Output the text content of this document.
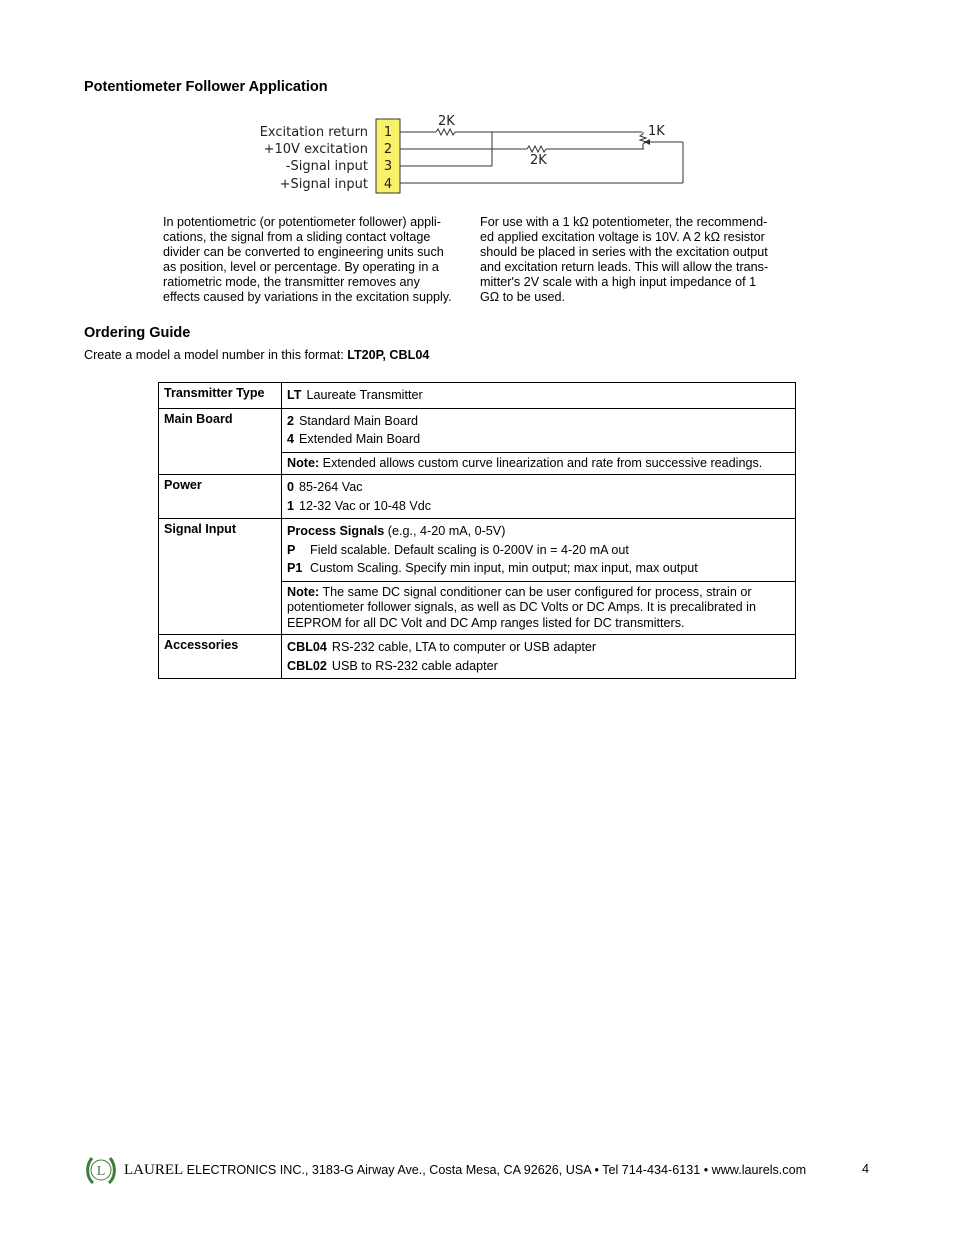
Potentiometer Follower Application
Excitation return
+10V excitation
-Signal input
+Signal input
1
2
3
4
2K
2K
1K
In potentiometric (or potentiometer follower) appli-
cations, the signal from a sliding contact voltage
divider can be converted to engineering units such
as position, level or percentage. By operating in a
ratiometric mode, the transmitter removes any
effects caused by variations in the excitation supply.
For use with a 1 kΩ potentiometer, the recommend-
ed applied excitation voltage is 10V. A 2 kΩ resistor
should be placed in series with the excitation output
and excitation return leads. This will allow the trans-
mitter's 2V scale with a high input impedance of 1
GΩ to be used.
Ordering Guide
Create a model a model number in this format: LT20P, CBL04
Transmitter Type	LT Laureate Transmitter
Main Board	2 Standard Main Board
4 Extended Main Board

	Note: Extended allows custom curve linearization and rate from successive readings.
Power	0 85-264 Vac
1 12-32 Vac or 10-48 Vdc

Signal Input	Process Signals (e.g., 4-20 mA, 0-5V)
P Field scalable. Default scaling is 0-200V in = 4-20 mA out
P1 Custom Scaling. Specify min input, min output; max input, max output

	Note: The same DC signal conditioner can be user configured for process, strain or potentiometer follower signals, as well as DC Volts or DC Amps. It is precalibrated in EEPROM for all DC Volt and DC Amp ranges listed for DC transmitters.
Accessories	CBL04 RS-232 cable, LTA to computer or USB adapter
CBL02 USB to RS-232 cable adapter
L LAUREL ELECTRONICS INC., 3183-G Airway Ave., Costa Mesa, CA 92626, USA • Tel 714-434-6131 • www.laurels.com	4
